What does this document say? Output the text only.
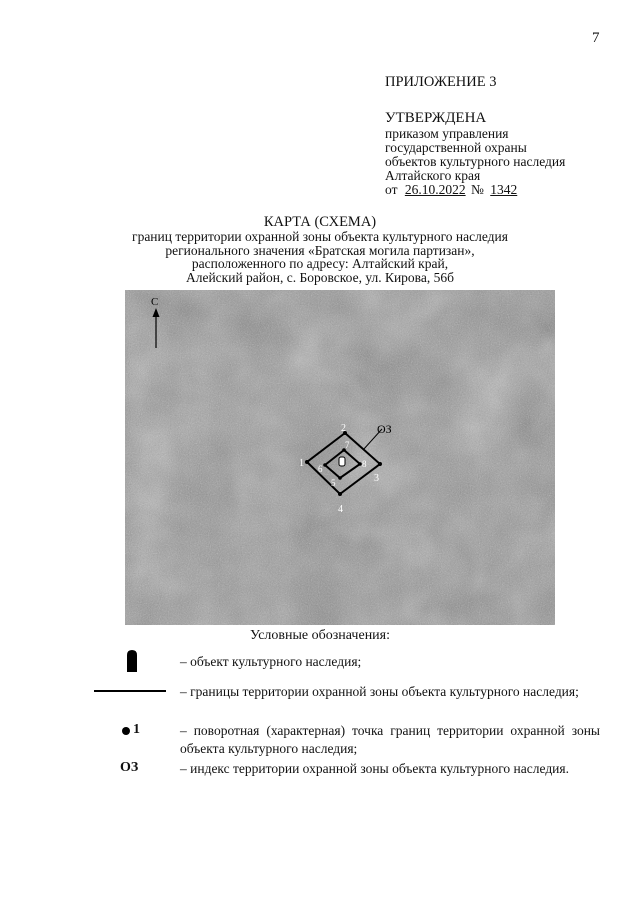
7
ПРИЛОЖЕНИЕ 3
УТВЕРЖДЕНА
приказом управления
государственной охраны
объектов культурного наследия
Алтайского края
от 26.10.2022 № 1342
КАРТА (СХЕМА)
границ территории охранной зоны объекта культурного наследия
регионального значения «Братская могила партизан»,
расположенного по адресу: Алтайский край,
Алейский район, с. Боровское, ул. Кирова, 56б
С
ОЗ
1
2
3
4
5
6
7
8
Условные обозначения:
– объект культурного наследия;
– границы территории охранной зоны объекта культурного наследия;
1	– поворотная (характерная) точка границ территории охранной зоны объекта культурного наследия;
ОЗ	– индекс территории охранной зоны объекта культурного наследия.
